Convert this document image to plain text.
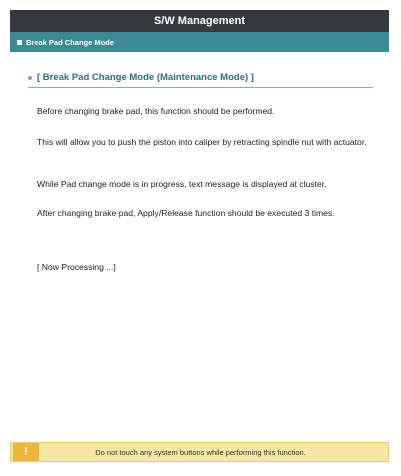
S/W Management
Break Pad Change Mode
[ Break Pad Change Mode (Maintenance Mode) ]
Before changing brake pad, this function should be performed.
This will allow you to push the piston into caliper by retracting spindle nut with actuator.
While Pad change mode is in progress, text message is displayed at cluster.
After changing brake pad, Apply/Release function should be executed 3 times.
[ Now Processing ...]
!	Do not touch any system buttons while performing this function.
